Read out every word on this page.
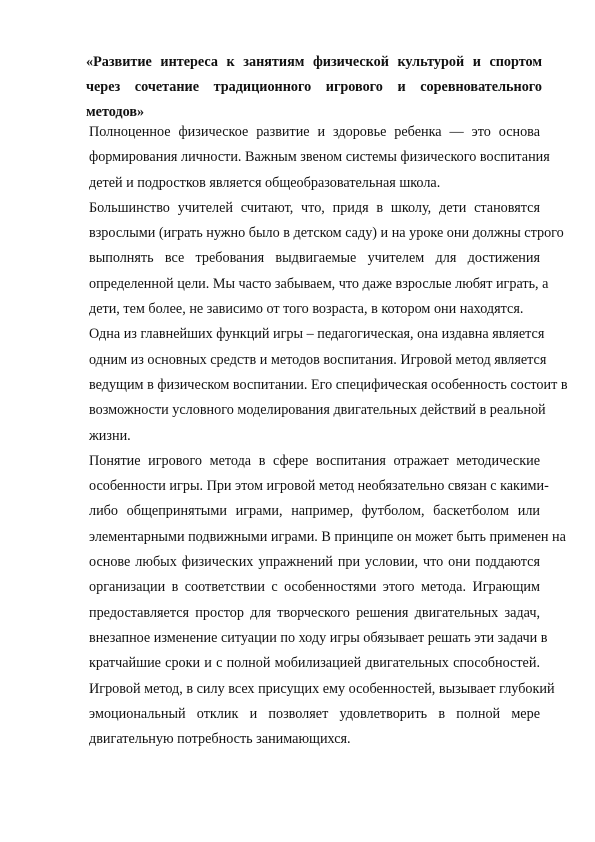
«Развитие интереса к занятиям физической культурой и спортом через сочетание традиционного игрового и соревновательного методов»

Полноценное физическое развитие и здоровье ребенка — это основа
формирования личности. Важным звеном системы физического воспитания
детей и подростков является общеобразовательная школа.

Большинство учителей считают, что, придя в школу, дети становятся
взрослыми (играть нужно было в детском саду) и на уроке они должны строго
выполнять все требования выдвигаемые учителем для достижения
определенной цели. Мы часто забываем, что даже взрослые любят играть, а
дети, тем более, не зависимо от того возраста, в котором они находятся.

Одна из главнейших функций игры – педагогическая, она издавна является
одним из основных средств и методов воспитания. Игровой метод является
ведущим в физическом воспитании. Его специфическая особенность состоит в
возможности условного моделирования двигательных действий в реальной
жизни.

Понятие игрового метода в сфере воспитания отражает методические
особенности игры. При этом игровой метод необязательно связан с какими-
либо общепринятыми играми, например, футболом, баскетболом или
элементарными подвижными играми. В принципе он может быть применен на
основе любых физических упражнений при условии, что они поддаются
организации в соответствии с особенностями этого метода. Играющим
предоставляется простор для творческого решения двигательных задач,
внезапное изменение ситуации по ходу игры обязывает решать эти задачи в
кратчайшие сроки и с полной мобилизацией двигательных способностей.
Игровой метод, в силу всех присущих ему особенностей, вызывает глубокий
эмоциональный отклик и позволяет удовлетворить в полной мере
двигательную потребность занимающихся.
